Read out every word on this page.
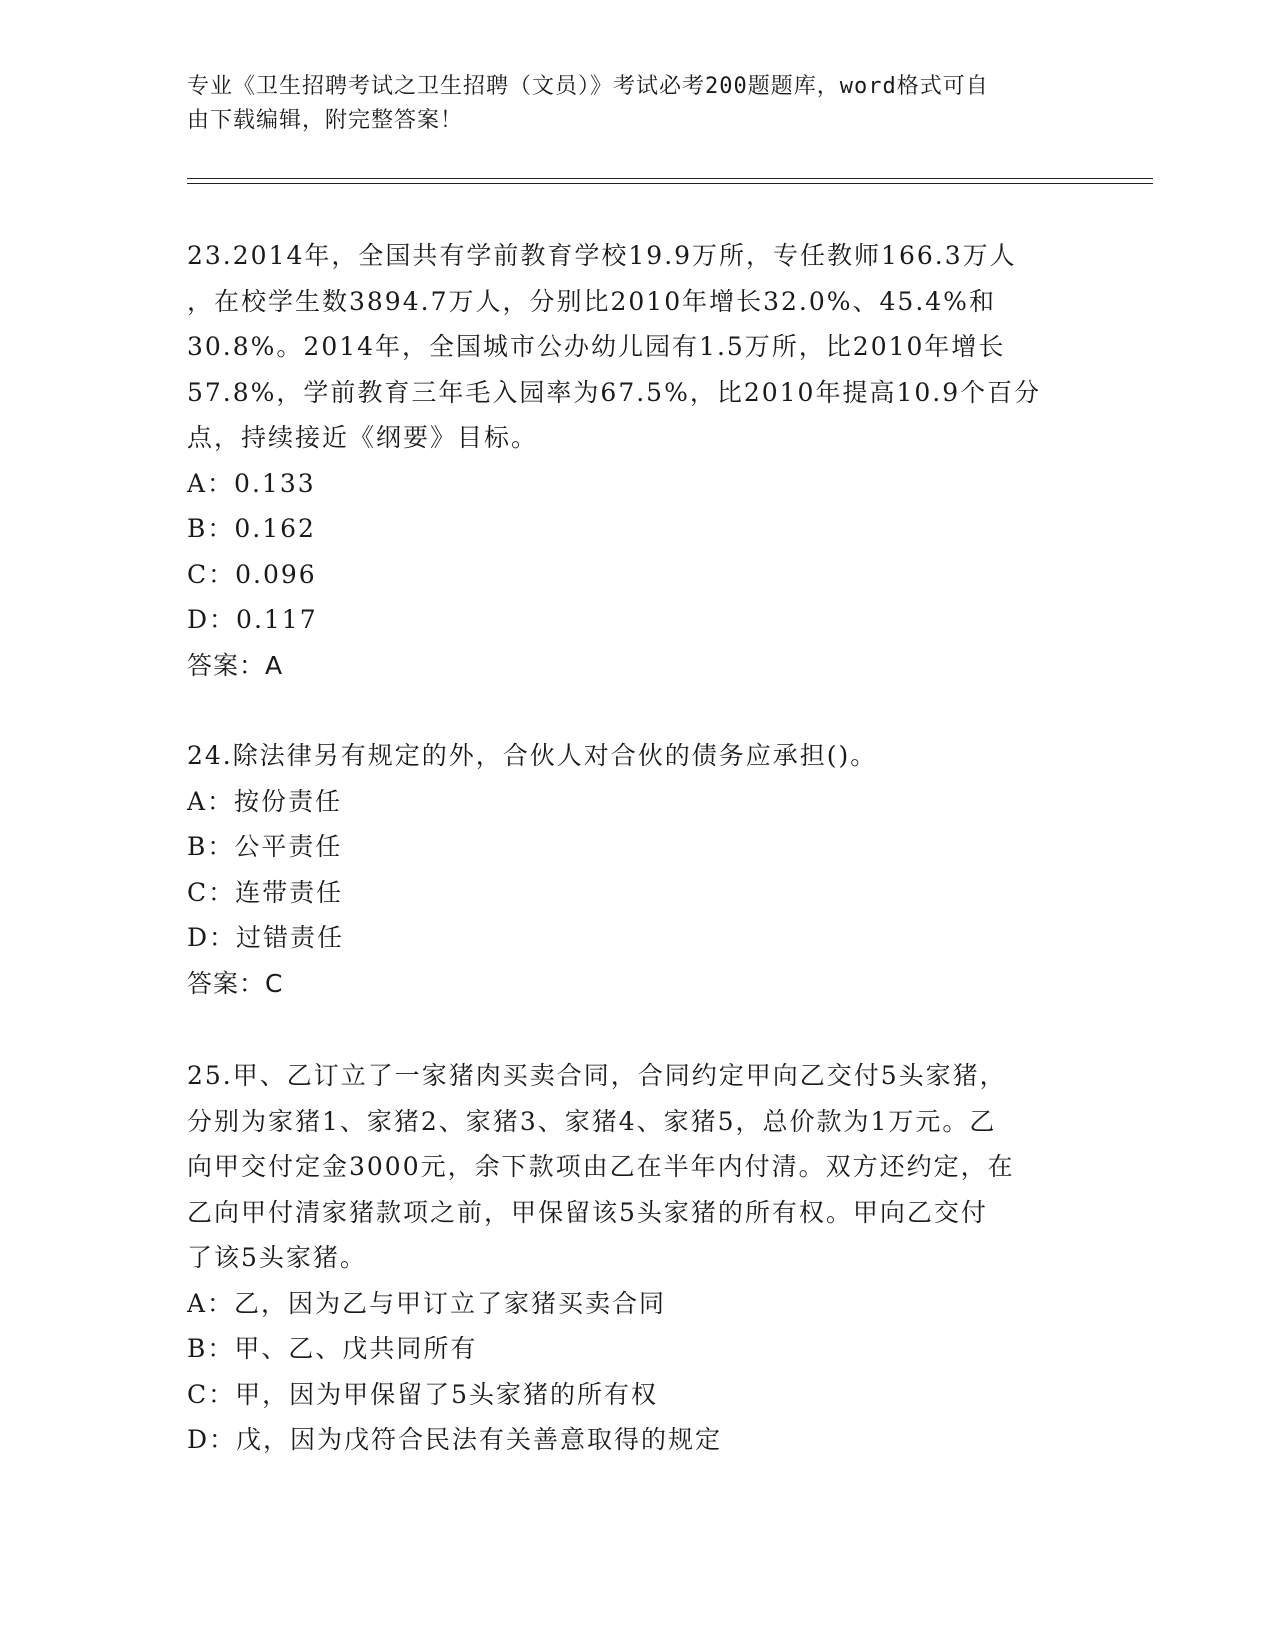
专业《卫生招聘考试之卫生招聘（文员）》考试必考200题题库，word格式可自
由下载编辑，附完整答案！

23.2014年，全国共有学前教育学校19.9万所，专任教师166.3万人

，在校学生数3894.7万人，分别比2010年增长32.0%、45.4%和

30.8%。2014年，全国城市公办幼儿园有1.5万所，比2010年增长

57.8%，学前教育三年毛入园率为67.5%，比2010年提高10.9个百分

点，持续接近《纲要》目标。

A：0.133

B：0.162

C：0.096

D：0.117

答案：A

24.除法律另有规定的外，合伙人对合伙的债务应承担()。

A：按份责任

B：公平责任

C：连带责任

D：过错责任

答案：C

25.甲、乙订立了一家猪肉买卖合同，合同约定甲向乙交付5头家猪，

分别为家猪1、家猪2、家猪3、家猪4、家猪5，总价款为1万元。乙

向甲交付定金3000元，余下款项由乙在半年内付清。双方还约定，在

乙向甲付清家猪款项之前，甲保留该5头家猪的所有权。甲向乙交付

了该5头家猪。

A：乙，因为乙与甲订立了家猪买卖合同

B：甲、乙、戊共同所有

C：甲，因为甲保留了5头家猪的所有权

D：戊，因为戊符合民法有关善意取得的规定
